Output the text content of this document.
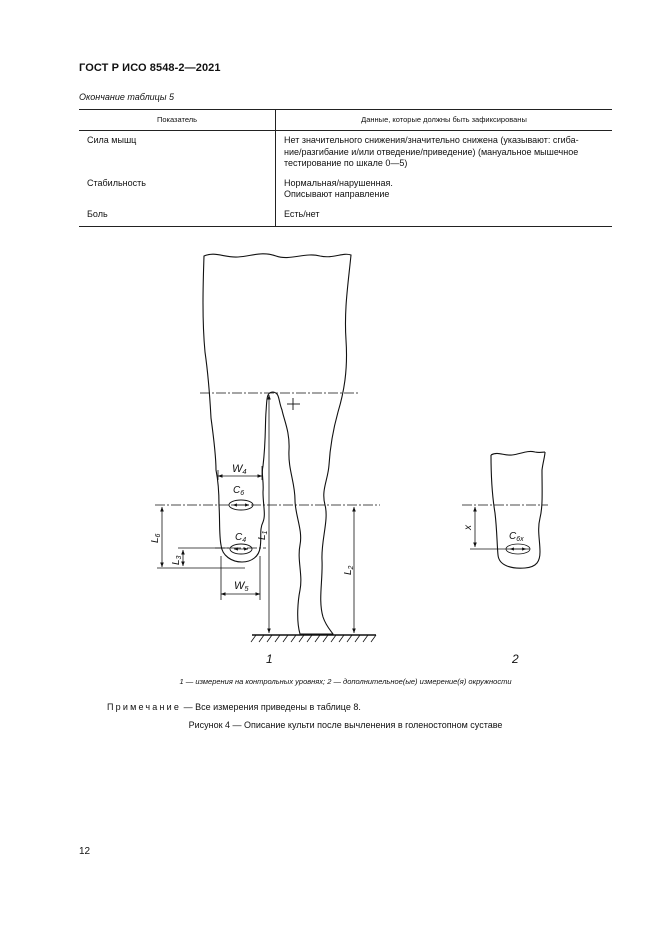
ГОСТ Р ИСО 8548-2—2021
Окончание таблицы 5
Показатель	Данные, которые должны быть зафиксированы
Сила мышц	Нет значительного снижения/значительно снижена (указывают: сгиба-
ние/разгибание и/или отведение/приведение) (мануальное мышечное
тестирование по шкале 0—5)

Стабильность	Нормальная/нарушенная.
Описывают направление

Боль	Есть/нет
W4
$C_6$
$C_4$
W5
$L_1$
$L_2$
$L_6$
$L_3$
x
$C_{6x}$
1	2
1 — измерения на контрольных уровнях; 2 — дополнительное(ые) измерение(я) окружности
Примечание — Все измерения приведены в таблице 8.
Рисунок 4 — Описание культи после вычленения в голеностопном суставе
12
